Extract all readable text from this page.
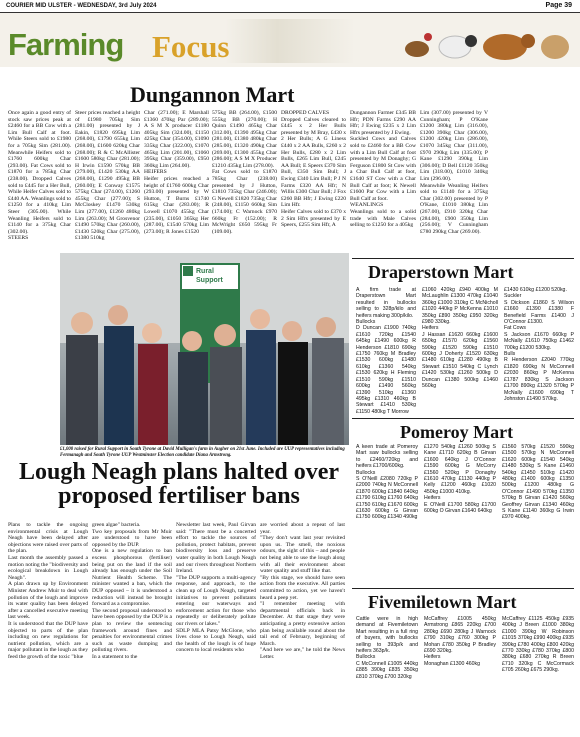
COURIER MID ULSTER - WEDNESDAY, 3rd July 2024	Page 39
Farming Focus
Dungannon Mart
Once again a good entry of stock saw prices peak at £2460 for a BB Cow with a Lim Bull Calf at foot. While Steers sold to £1980 for a 705kg Sim (281.00). Meanwhile Heifers sold to £1760 600kg Char (293.00). Fat Cows sold to £1870 for a 785kg Char (238.00). Dropped Calves sold to £445 for a Her Bull, While Heifer Calves sold to £440 AA. Weanlings sold to £1250 for a 410kg Lim Steer (305.00). While Weanling Heifers sold to £1140 for a 375kg Char (302.00).
STEERS
Steer prices reached a height of £1980 705kg Sim (281.00) presented by J Eakin, £1820 695kg Lim (268.00), £1790 655kg Lim (268.00), £1600 620kg Char (268.00); R & C McAllister £1600 580kg Char (281.00); H Irwin £1590 570kg BB (279.00), £1420 530kg AA (268.00), £1290 495kg BB (260.00); E Conway £1575 575kg Char (274.00), £1260 455kg Char (277.00); S McCloskey £1470 530kg Lim (277.00), £1260 480kg Lim (263.00); M Grosvenor £1490 570kg Char (260.00), £1430 520kg Char (275.00), £1380 510kg
Char (271.00); E Marshall £1360 470kg Par (289.00); A S M X producer £1180 405kg Sim (324.00), £1150 425kg Char (354.00), £1090 335kg Char (322.00), £1070 465kg Lim (201.00), £1060 395kg Char (359.00), £950 360kg Lim (264.00).
HEIFERS
Heifer prices reached a height of £1760 600kg Char (293.00) presented by W Hutton, T Burns £1740 615kg Char (283.00); R Lowell £1070 455kg Char (235.00), £1050 365kg Her (287.00), £1540 570kg Lim (273.00); R Jones £1520
575kg BB (264.00), £1500 555kg BB (270.00); H Quinn £1490 465kg Char (312.00), £1390 495kg Char (281.00), £1380 480kg Char (285.00), £1320 490kg Char (269.00), £1300 455kg Char (286.00); A S M X Producer £1210 435kg Lim (278.00).
Fat Cows sold to £1870 785kg Char (238.00) presented by J Hutton, £1810 735kg Char (246.00); G Newell £1820 735kg Char (248.00), £1150 660kg Sim (174.00); C Warnock £970 660kg Fr (152.00); R McWright £650 595kg Fr (109.00).
DROPPED CALVES
Dropped Calves cleared to £445 x 2 Her Bulls presented by M Bray, £430 x 2 Her Bulls; A G Liness £440 x 2 AA Bulls, £260 x 2 Her Bulls, £280 x 2 Lim Bulls, £265 Lim Bull, £245 AA Bull; E Speers £370 Sim Bull, £350 Sim Bull; J Ewing £340 Lim Bull; P J N Farms £320 AA Hfr; N Willis £300 Char Bull; J Fox £260 BB Hfr; J Ewing £220 Lim Hfr.
Heifer Calves sold to £370 x 2 Sim Hfrs presented by E Speers, £255 Sim Hfr, A
Dungannon Farmer £345 BB Hfr; PDN Farms £290 AA Hfr; J Ewing £235 x 2 Lim Hfrs presented by J Ewing.
Suckled Cows and Calves sold to £2460 for a BB Cow with a Lim Bull Calf at foot presented by M Donaghy; G Ferguson £1800 St Cow with a Char Bull Calf at foot, £1640 ST Cow with a Char Bull Calf at foot; K Newell £1600 Par Cow with a Lim Bull Calf at foot.
WEANLINGS
Weanlings sold to a solid trade with Male Calves selling to £1250 for a 405kg
Lim (307.00) presented by V Cunningham; P O'Kane £1200 380kg Lim (316.00), £1200 390kg Char (306.00), £1200 420kg Lim (286.00), £1070 345kg Char (311.00), £970 290kg Lim (335.00); P Kane £1290 390kg Lim (306.00); D Bell £1120 350kg Lim (318.00), £1010 340kg Lim (296.00).
Meanwhile Weanling Heifers sold to £1140 for a 375kg Char (302.00) presented by P O'Kane, £1010 380kg Lim (267.00), £910 320kg Char (284.00), £900 350kg Lim (256.00); V Cunningham £780 290kg Char (269.00).
Rural
Support
£1,000 raised for Rural Support in South Tyrone at David Mulligan's farm in Augher on 21st June. Included are UUP representatives including Fermanagh and South Tyrone UUP Westminster Election candidate Diana Armstrong.
Lough Neagh plans halted over proposed fertiliser bans
Plans to tackle the ongoing environmental crisis at Lough Neagh have been delayed after objections were raised over parts of the plan.
Last month the assembly passed a motion noting the "biodiversity and ecological breakdown in Lough Neagh".
A plan drawn up by Environment Minister Andrew Muir to deal with pollution of the lough and improve its water quality has been delayed after a cancelled executive meeting last week.
It is understood that the DUP have objected to parts of the plan including on new regulations for nutrient pollution, which are a major pollutant in the lough as they feed the growth of the toxic "blue
green algae" bacteria.
Two key proposals from Mr Muir are understood to have been opposed by the DUP.
One is a new regulation to ban excess phosphorous (fertiliser) being put on the land if the soil already has enough under the Soil Nutrient Health Scheme. The minister wanted a ban, which the DUP opposed – it is understood a reduction will instead be brought forward as a compromise.
The second proposal understood to have been opposed by the DUP is a plan to review the sentencing framework around fines and penalties for environmental crimes such as waste dumping and polluting rivers.
In a statement to the
Newsletter last week, Paul Girvan said: "There must be a concerted effort to tackle the sources of pollution, protect habitats, prevent biodiversity loss and preserve water quality in both Lough Neagh and our rivers throughout Northern Ireland.
"The DUP supports a multi-agency response, and approach, to the clean up of Lough Neagh, targeted initiatives to prevent pollutants entering our waterways and enforcement action for those who repeatedly or deliberately pollute our rivers or lakes."
SDLP MLA Patsy McGlone, who lives close to Lough Neagh, said the health of the lough is of huge concern to local residents who
are worried about a repeat of last year.
"They don't want last year revisited upon us. The smell, the noxious odours, the sight of this – and people not being able to use the lough along with all their environment about water quality and stuff like that.
"By this stage, we should have seen action from the executive. All parties committed to action, yet we haven't heard a peep yet.
"I remember meeting with departmental officials back in December. At that stage they were anticipating a pretty extensive action plan being available round about the tail end of February, beginning of March.
"And here we are," he told the News Letter.
Draperstown Mart
A firm trade at Draperstown Mart resulted in bullocks selling to 328p/kilo and heifers making 300p/kilo.
Bullocks
D Duncan £1900 740kg £1610 720kg £1540 645kg £1490 600kg R Henderson £1810 690kg £1750 760kg M Bradley £1530 600kg £1480 610kg £1360 540kg £1530 620kg H Fleming £1510 590kg £1510 600kg £1490 560kg £1390 510kg £1360 495kg £1310 460kg B Stewart £1410 530kg £1150 480kg T Morrow
£1060 420kg £940 400kg M McLaughlin £1300 470kg £1040 360kg £1000 310kg C McNicholl £1020 440kg P McKenna £1010 350kg £890 350kg £950 320kg £980 330kg.
Heifers
J Hassan £1620 660kg £1600 650kg £1570 620kg £1560 590kg £1520 590kg £1510 600kg J Doherty £1520 630kg £1480 610kg £1280 490kg B Stewart £1510 540kg C Lynch £1420 530kg £1260 500kg D Duncan £1380 500kg £1460 560kg
£1430 610kg £1200 520kg.
Suckler
S Dickson £1860 S Wilson £1660 £1390 £1380 F Benefield Farms £1400 J O'Connor £1300.
Fat Cows
S Jackson £1670 660kg P McNally £1610 750kg £1462 700kg £1200 530kg.
Bulls
R Henderson £2040 770kg £1820 690kg N McConnell £2030 860kg P McKenna £1787 830kg S Jackson £1700 890kg £1320 570kg P McNally £1600 690kg T Johnston £1490 570kg.
Pomeroy Mart
A keen trade at Pomeroy Mart saw bullocks selling to £2460/720kg and heifers £1700/600kg.
Bullocks
S O'Neill £2080 720kg P £2000 740kg N McConnell £1870 600kg £1840 640kg £1790 610kg £1760 640kg £1750 610kg £1670 600kg £1630 600kg G Girvan £1750 600kg £1340 490kg
£1270 540kg £1260 500kg S Kane £1710 620kg B Girvan £1600 640kg J O'Connor £1590 600kg G McCorry £1560 520kg P Donaghy £1610 470kg £1130 440kg P Kelly £1200 460kg £1020 450kg £1000 410kg.
Heifers
E O'Neill £1700 580kg £1700 600kg O Girvan £1640 640kg
£1560 570kg £1520 590kg £1500 570kg N McConnell £1620 600kg £1540 540kg £1480 530kg S Kane £1460 540kg £1450 510kg £1420 480kg £1400 600kg £1350 500kg £1200 480kg G O'Connor £1490 570kg £1350 570kg B Girvan £1420 560kg Geoffrey Girvan £1340 460kg S Kane £1140 360kg G Irwin £970 400kg.
Fivemiletown Mart
Cattle were in high demand at Fivemiletown Mart resulting in a full ring of buyers, with bullocks selling to 393p/k and heifers 363p/k.
Bullocks
C McConnell £1005 440kg £885 390kg £835 350kg £810 370kg £700 320kg
McCaffrey £1005 450kg Armstrong £865 220kg £700 280kg £690 280kg J Warnock £790 310kg £760 300kg P Mohan £780 350kg P Bradley £690 320kg.
Heifers
Monaghan £1300 460kg
McCaffrey £1125 450kg £935 400kg J Breen £1000 380kg £1000 390kg W Robinson £1015 370kg £990 400kg £935 390kg £780 400kg £800 420kg £770 330kg £780 370kg £800 380kg £680 270kg R Breen £710 320kg C McCormack £705 260kg £675 290kg.
